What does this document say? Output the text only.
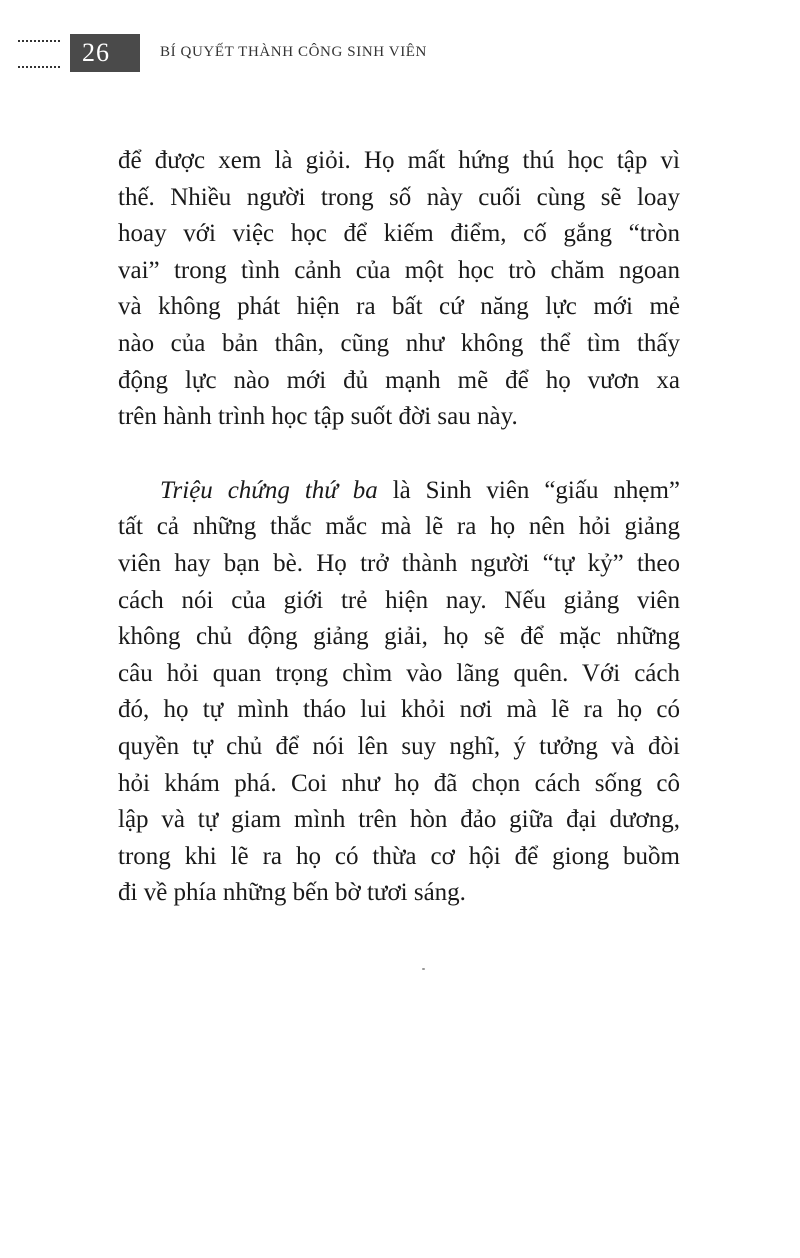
26	BÍ QUYẾT THÀNH CÔNG SINH VIÊN

để được xem là giỏi. Họ mất hứng thú học tập vì
thế. Nhiều người trong số này cuối cùng sẽ loay
hoay với việc học để kiếm điểm, cố gắng “tròn
vai” trong tình cảnh của một học trò chăm ngoan
và không phát hiện ra bất cứ năng lực mới mẻ
nào của bản thân, cũng như không thể tìm thấy
động lực nào mới đủ mạnh mẽ để họ vươn xa
trên hành trình học tập suốt đời sau này.

Triệu chứng thứ ba là Sinh viên “giấu nhẹm”
tất cả những thắc mắc mà lẽ ra họ nên hỏi giảng
viên hay bạn bè. Họ trở thành người “tự kỷ” theo
cách nói của giới trẻ hiện nay. Nếu giảng viên
không chủ động giảng giải, họ sẽ để mặc những
câu hỏi quan trọng chìm vào lãng quên. Với cách
đó, họ tự mình tháo lui khỏi nơi mà lẽ ra họ có
quyền tự chủ để nói lên suy nghĩ, ý tưởng và đòi
hỏi khám phá. Coi như họ đã chọn cách sống cô
lập và tự giam mình trên hòn đảo giữa đại dương,
trong khi lẽ ra họ có thừa cơ hội để giong buồm
đi về phía những bến bờ tươi sáng.
